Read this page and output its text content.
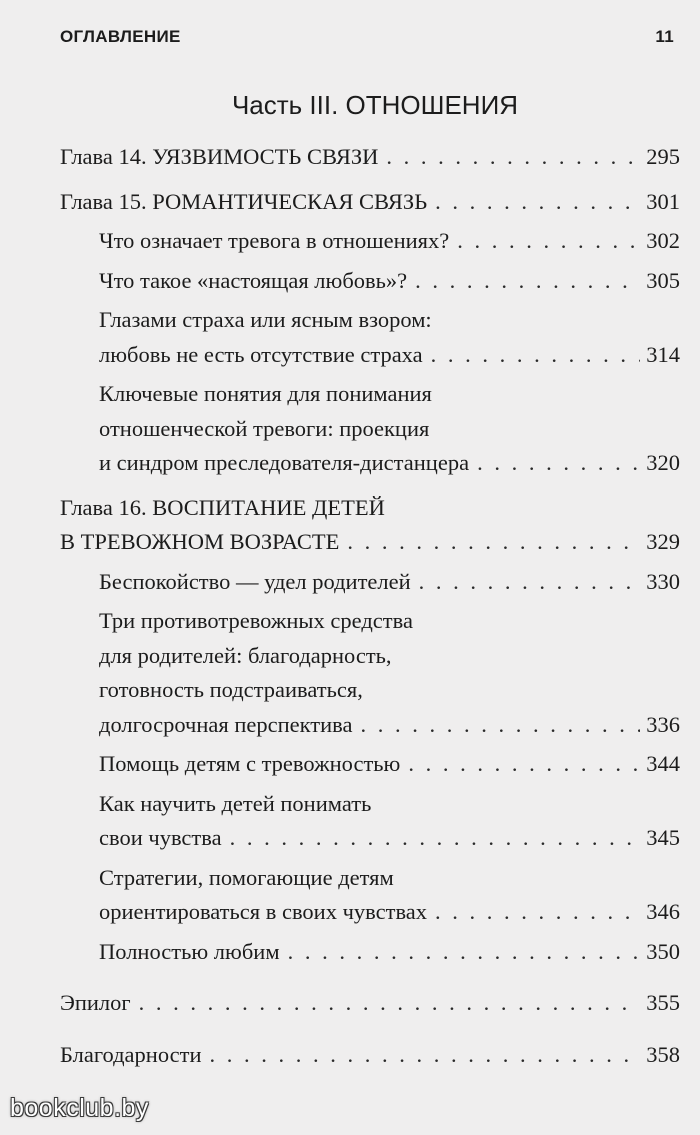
ОГЛАВЛЕНИЕ	11
Часть III. ОТНОШЕНИЯ
Глава 14. УЯЗВИМОСТЬ СВЯЗИ . . .	295
Глава 15. РОМАНТИЧЕСКАЯ СВЯЗЬ . . .	301
Что означает тревога в отношениях? . . .	302
Что такое «настоящая любовь»? . . .	305
Глазами страха или ясным взором:
любовь не есть отсутствие страха . . .	314
Ключевые понятия для понимания
отношенческой тревоги: проекция
и синдром преследователя-дистанцера . . .	320
Глава 16. ВОСПИТАНИЕ ДЕТЕЙ
В ТРЕВОЖНОМ ВОЗРАСТЕ . . .	329
Беспокойство — удел родителей . . .	330
Три противотревожных средства
для родителей: благодарность,
готовность подстраиваться,
долгосрочная перспектива . . .	336
Помощь детям с тревожностью . . .	344
Как научить детей понимать
свои чувства . . .	345
Стратегии, помогающие детям
ориентироваться в своих чувствах . . .	346
Полностью любим . . .	350
Эпилог . . .	355
Благодарности . . .	358
bookclub.by
